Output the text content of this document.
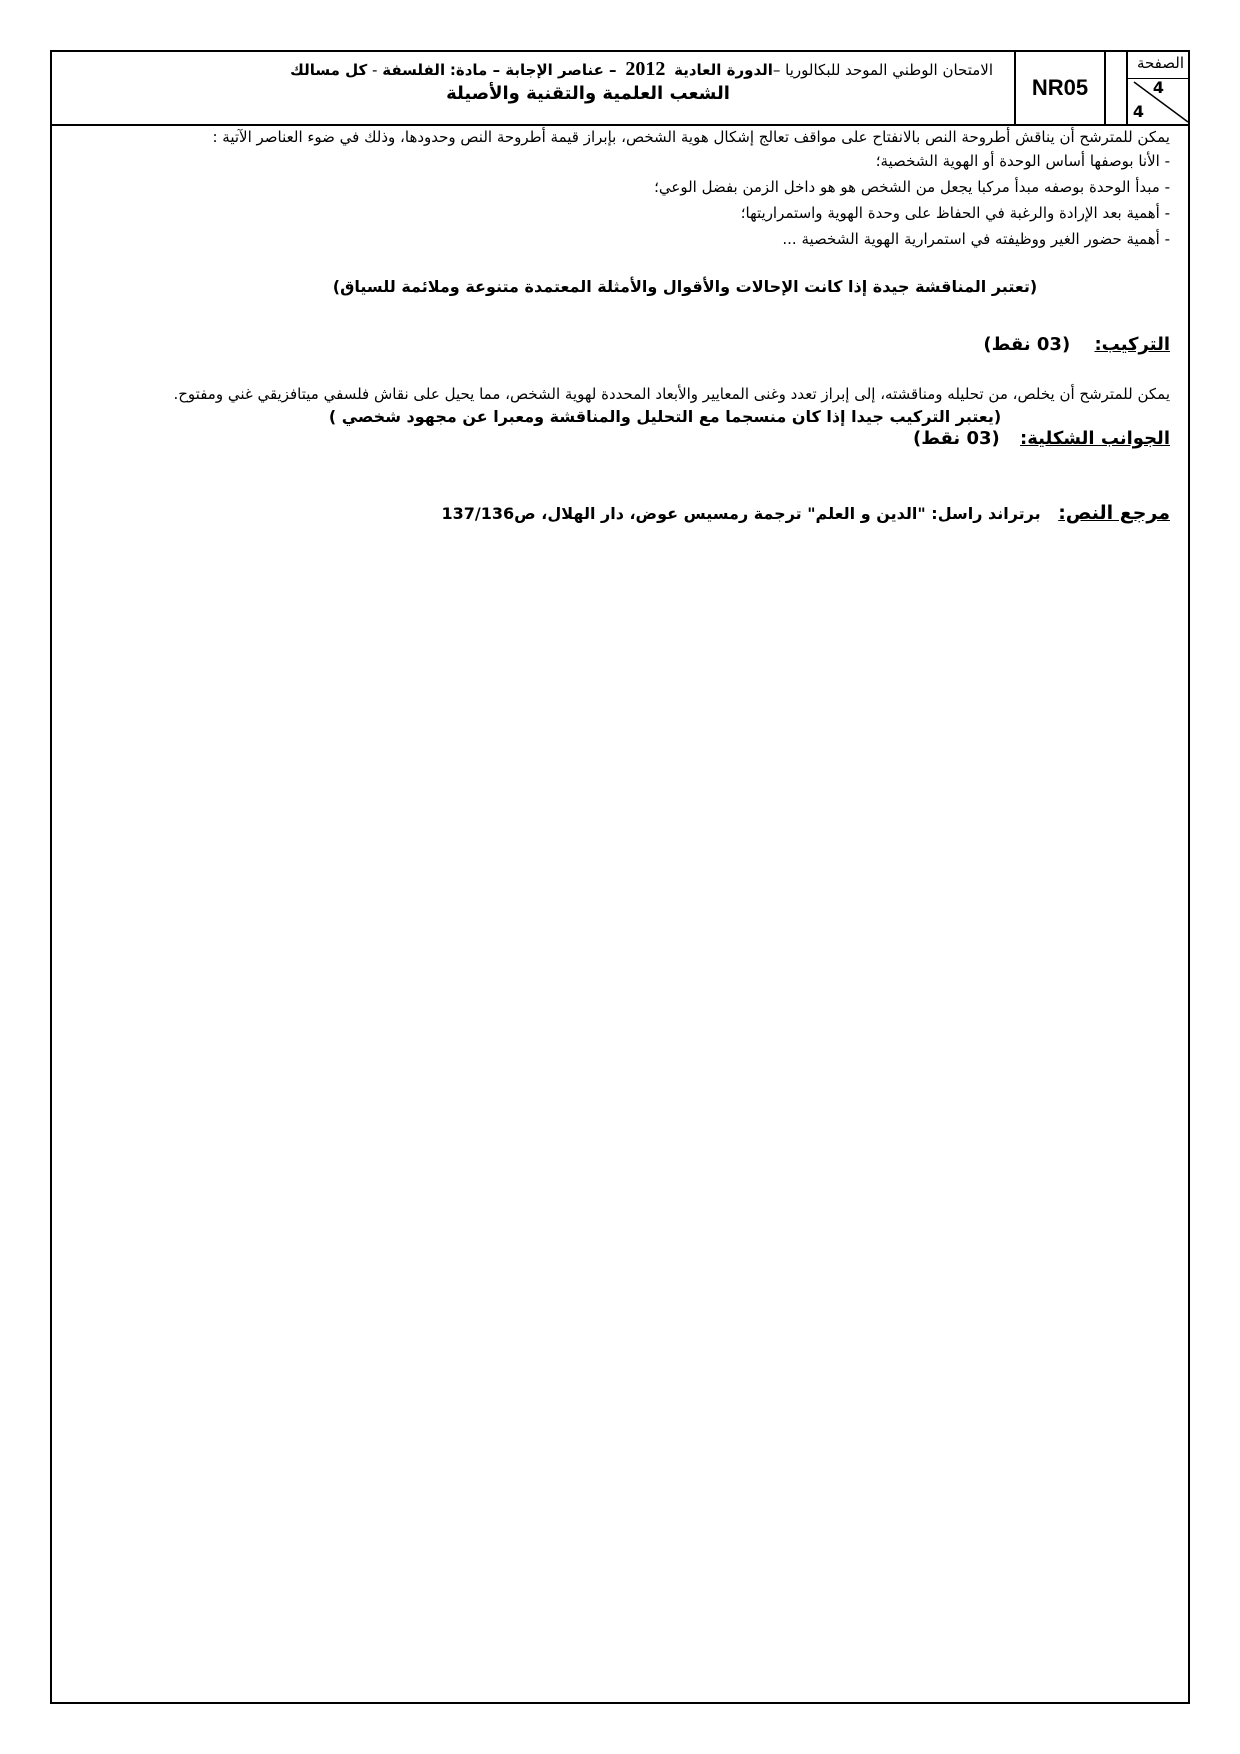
الصفحة
4
4
NR05
الامتحان الوطني الموحد للبكالوريا –الدورة العادية 2012 – عناصر الإجابة – مادة: الفلسفة - كل مسالك
الشعب العلمية والتقنية والأصيلة

يمكن للمترشح أن يناقش أطروحة النص بالانفتاح على مواقف تعالج إشكال هوية الشخص، بإبراز قيمة أطروحة النص وحدودها، وذلك في ضوء العناصر الآتية :

- الأنا بوصفها أساس الوحدة أو الهوية الشخصية؛
- مبدأ الوحدة بوصفه مبدأ مركبا يجعل من الشخص هو هو داخل الزمن بفضل الوعي؛
- أهمية بعد الإرادة والرغبة في الحفاظ على وحدة الهوية واستمراريتها؛
- أهمية حضور الغير ووظيفته في استمرارية الهوية الشخصية ...

(تعتبر المناقشة جيدة إذا كانت الإحالات والأقوال والأمثلة المعتمدة متنوعة وملائمة للسياق)

التركيب: (03 نقط)

يمكن للمترشح أن يخلص، من تحليله ومناقشته، إلى إبراز تعدد وغنى المعايير والأبعاد المحددة لهوية الشخص، مما يحيل على نقاش فلسفي ميتافزيقي غني ومفتوح.

(يعتبر التركيب جيدا إذا كان منسجما مع التحليل والمناقشة ومعبرا عن مجهود شخصي )

الجوانب الشكلية: (03 نقط)

مرجع النص: برتراند راسل: "الدين و العلم" ترجمة رمسيس عوض، دار الهلال، ص137/136
